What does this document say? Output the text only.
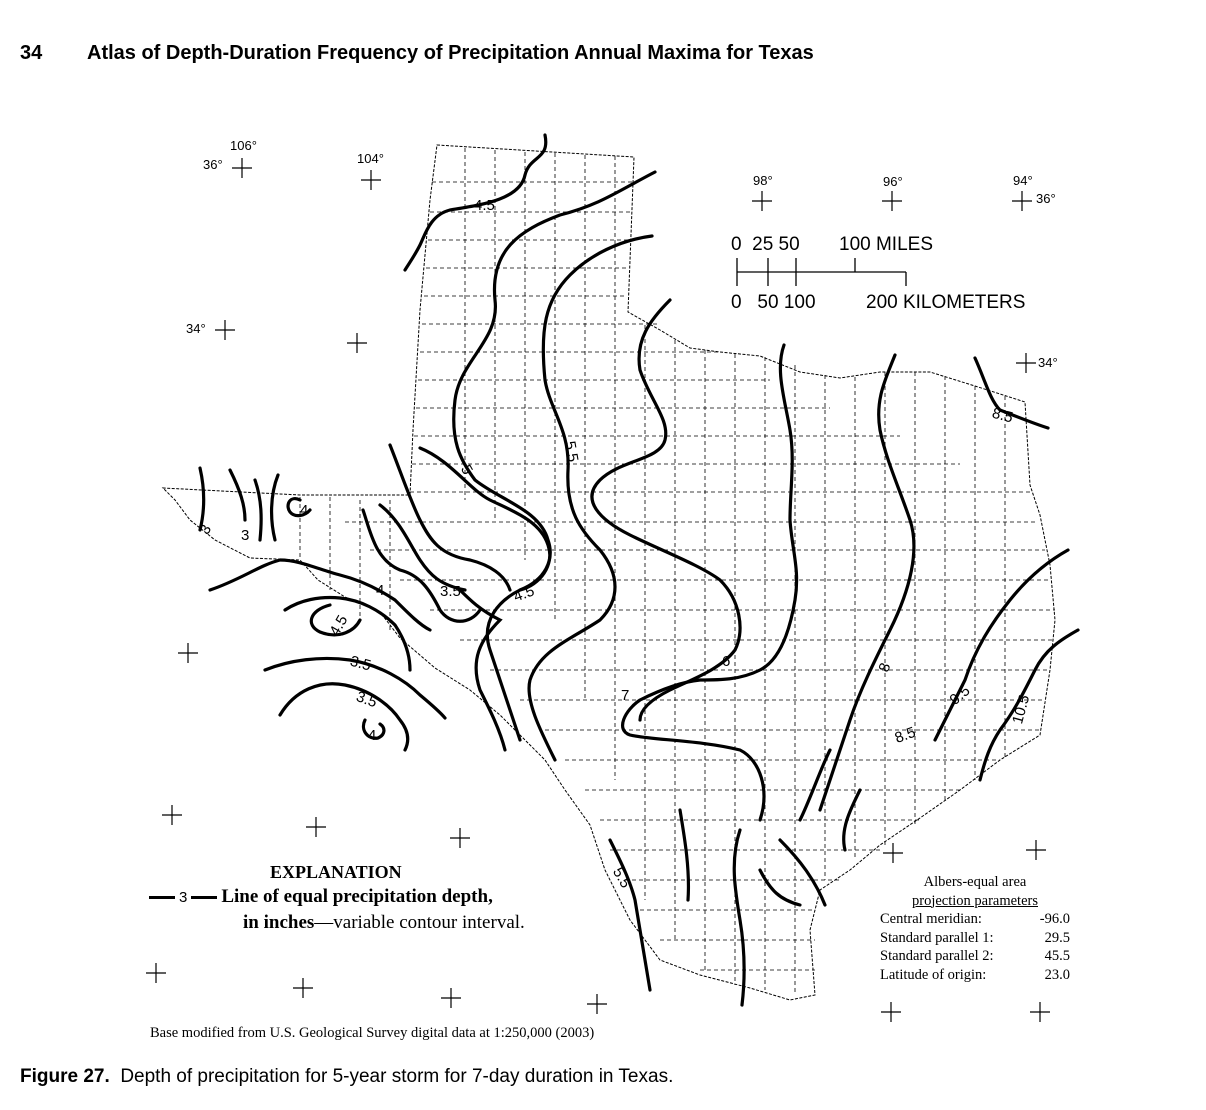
34 Atlas of Depth-Duration Frequency of Precipitation Annual Maxima for Texas
106°
36°	104°
98°	96°	94°
36°
34°
34°
0  25 50 100 MILES
0   50 100	200 KILOMETERS
4.5
5
5.5
3 3
4
4	3.5	4.5
4.5
3.5
3.5
4
6
7
8
8.5
9.5 10.5
8.5
5.5
EXPLANATION
3 Line of equal precipitation depth,
in inches—variable contour interval.
Albers-equal area
projection parameters
Central meridian:	-96.0
Standard parallel 1:	29.5
Standard parallel 2:	45.5
Latitude of origin:	23.0
Base modified from U.S. Geological Survey digital data at 1:250,000 (2003)
Figure 27. Depth of precipitation for 5-year storm for 7-day duration in Texas.
